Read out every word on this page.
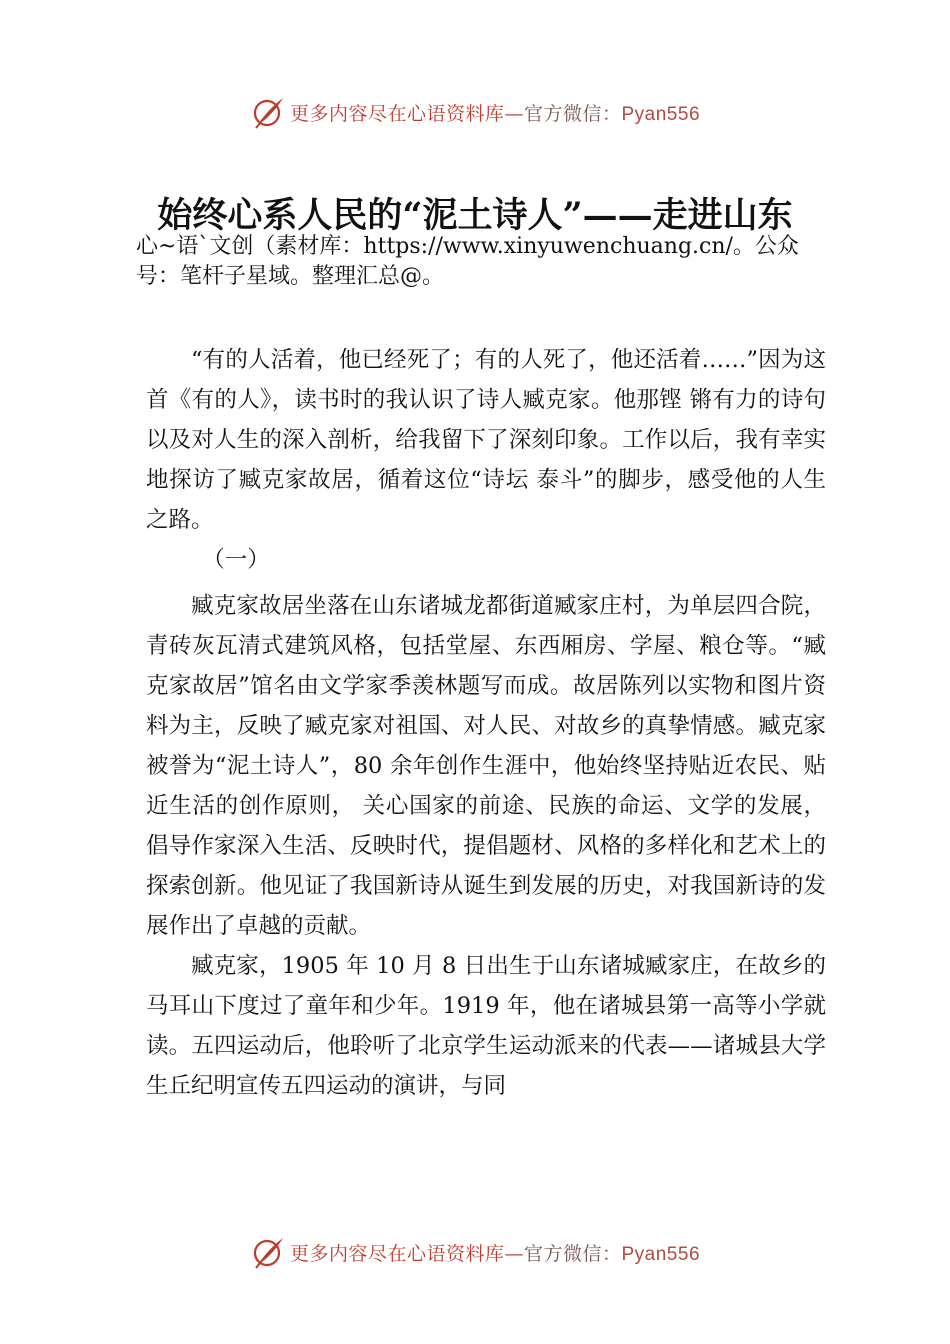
更多内容尽在心语资料库—官方微信：Pyan556
始终心系人民的“泥土诗人”——走进山东
心~语`文创（素材库：https://www.xinyuwenchuang.cn/。公众号：笔杆子星域。整理汇总@。

“有的人活着，他已经死了；有的人死了，他还活着……”因为这首《有的人》，读书时的我认识了诗人臧克家。他那铿 锵有力的诗句以及对人生的深入剖析，给我留下了深刻印象。工作以后，我有幸实地探访了臧克家故居，循着这位“诗坛 泰斗”的脚步，感受他的人生之路。

（一）

臧克家故居坐落在山东诸城龙都街道臧家庄村，为单层四合院，青砖灰瓦清式建筑风格，包括堂屋、东西厢房、学屋、粮仓等。“臧克家故居”馆名由文学家季羡林题写而成。故居陈列以实物和图片资料为主，反映了臧克家对祖国、对人民、对故乡的真挚情感。臧克家被誉为“泥土诗人”，80 余年创作生涯中，他始终坚持贴近农民、贴近生活的创作原则， 关心国家的前途、民族的命运、文学的发展，倡导作家深入生活、反映时代，提倡题材、风格的多样化和艺术上的探索创新。他见证了我国新诗从诞生到发展的历史，对我国新诗的发展作出了卓越的贡献。

臧克家，1905 年 10 月 8 日出生于山东诸城臧家庄，在故乡的马耳山下度过了童年和少年。1919 年，他在诸城县第一高等小学就读。五四运动后，他聆听了北京学生运动派来的代表——诸城县大学生丘纪明宣传五四运动的演讲，与同

更多内容尽在心语资料库—官方微信：Pyan556
